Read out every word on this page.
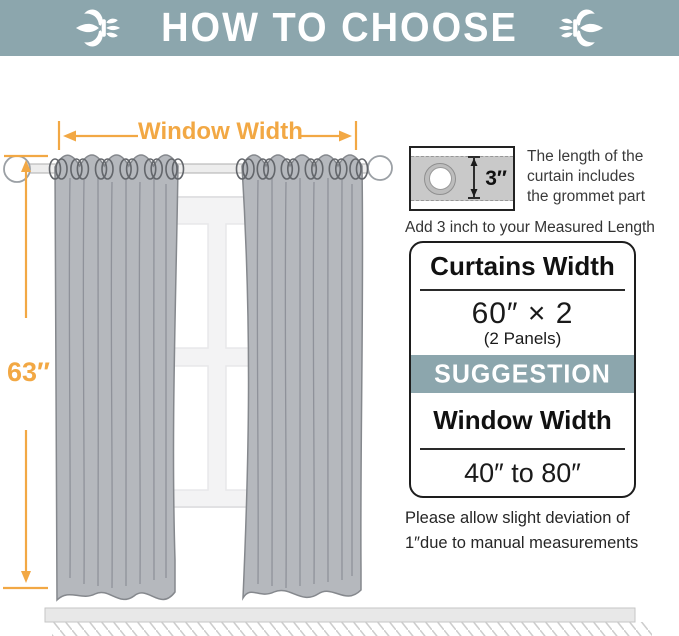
HOW TO CHOOSE
Window Width
63″
3″
The length of the
curtain includes
the grommet part
Add 3 inch to your Measured Length
Curtains Width
60″ × 2
(2 Panels)
SUGGESTION
Window Width
40″ to 80″
Please allow slight deviation of
1″due to manual measurements
